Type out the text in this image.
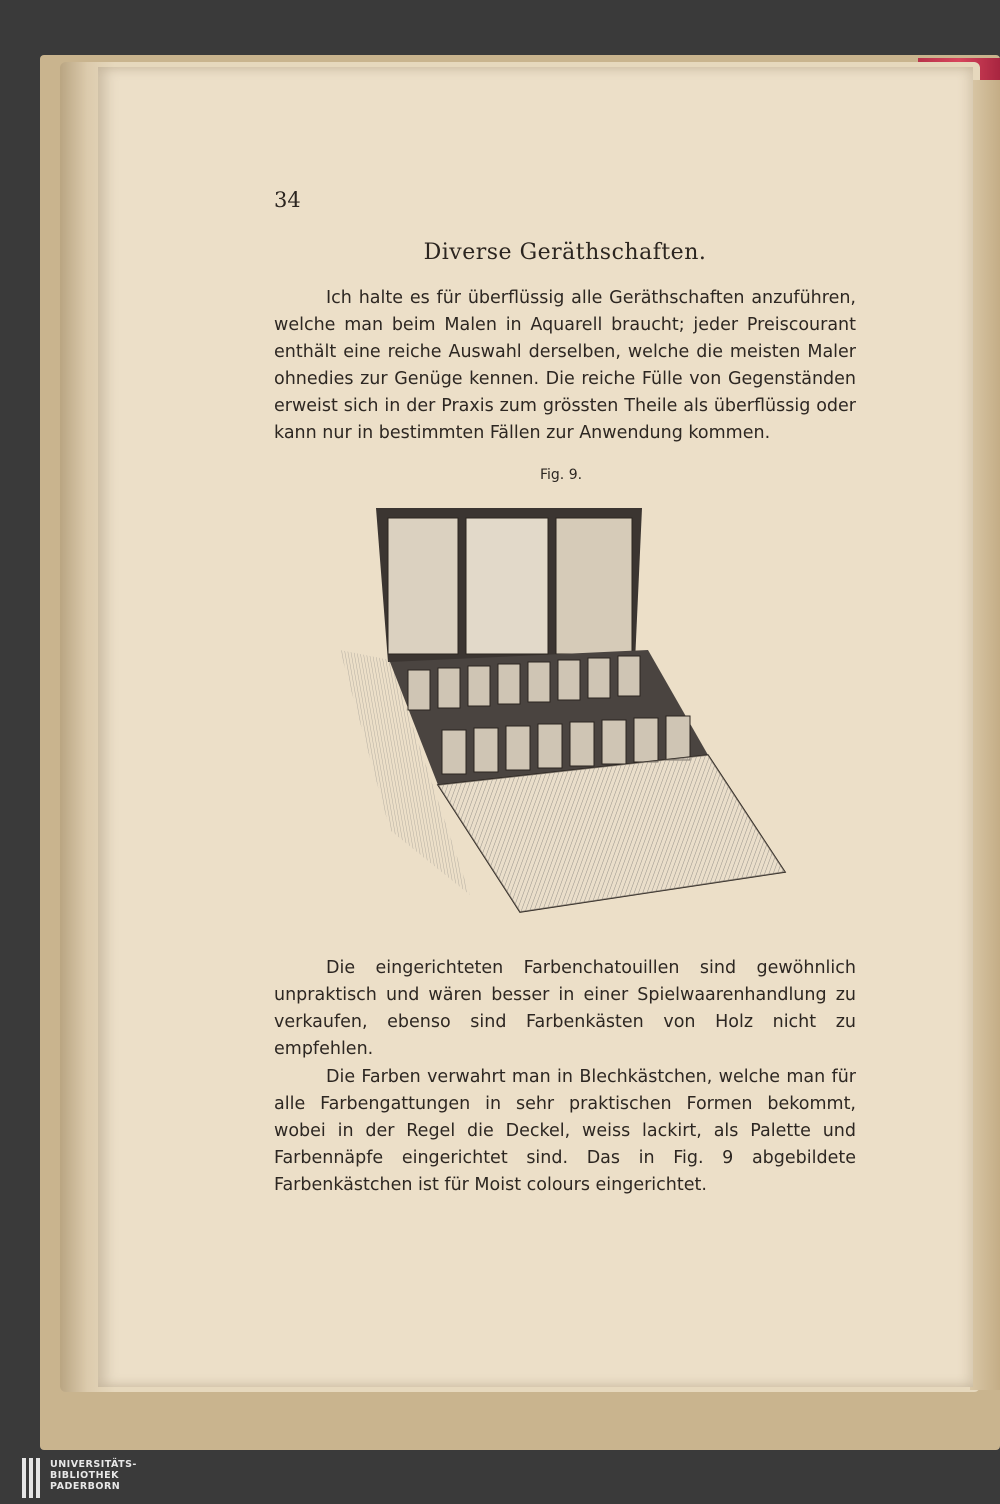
34
Diverse Geräthschaften.
Ich halte es für überflüssig alle Geräthschaften anzuführen, welche man beim Malen in Aquarell braucht; jeder Preiscourant enthält eine reiche Auswahl derselben, welche die meisten Maler ohnedies zur Genüge kennen. Die reiche Fülle von Gegenständen erweist sich in der Praxis zum grössten Theile als überflüssig oder kann nur in bestimmten Fällen zur Anwendung kommen.
Fig. 9.
Die eingerichteten Farbenchatouillen sind gewöhnlich unpraktisch und wären besser in einer Spielwaarenhandlung zu verkaufen, ebenso sind Farbenkästen von Holz nicht zu empfehlen.
Die Farben verwahrt man in Blechkästchen, welche man für alle Farbengattungen in sehr praktischen Formen bekommt, wobei in der Regel die Deckel, weiss lackirt, als Palette und Farbennäpfe eingerichtet sind. Das in Fig. 9 abgebildete Farbenkästchen ist für Moist colours eingerichtet.
UNIVERSITÄTS-
BIBLIOTHEK
PADERBORN
